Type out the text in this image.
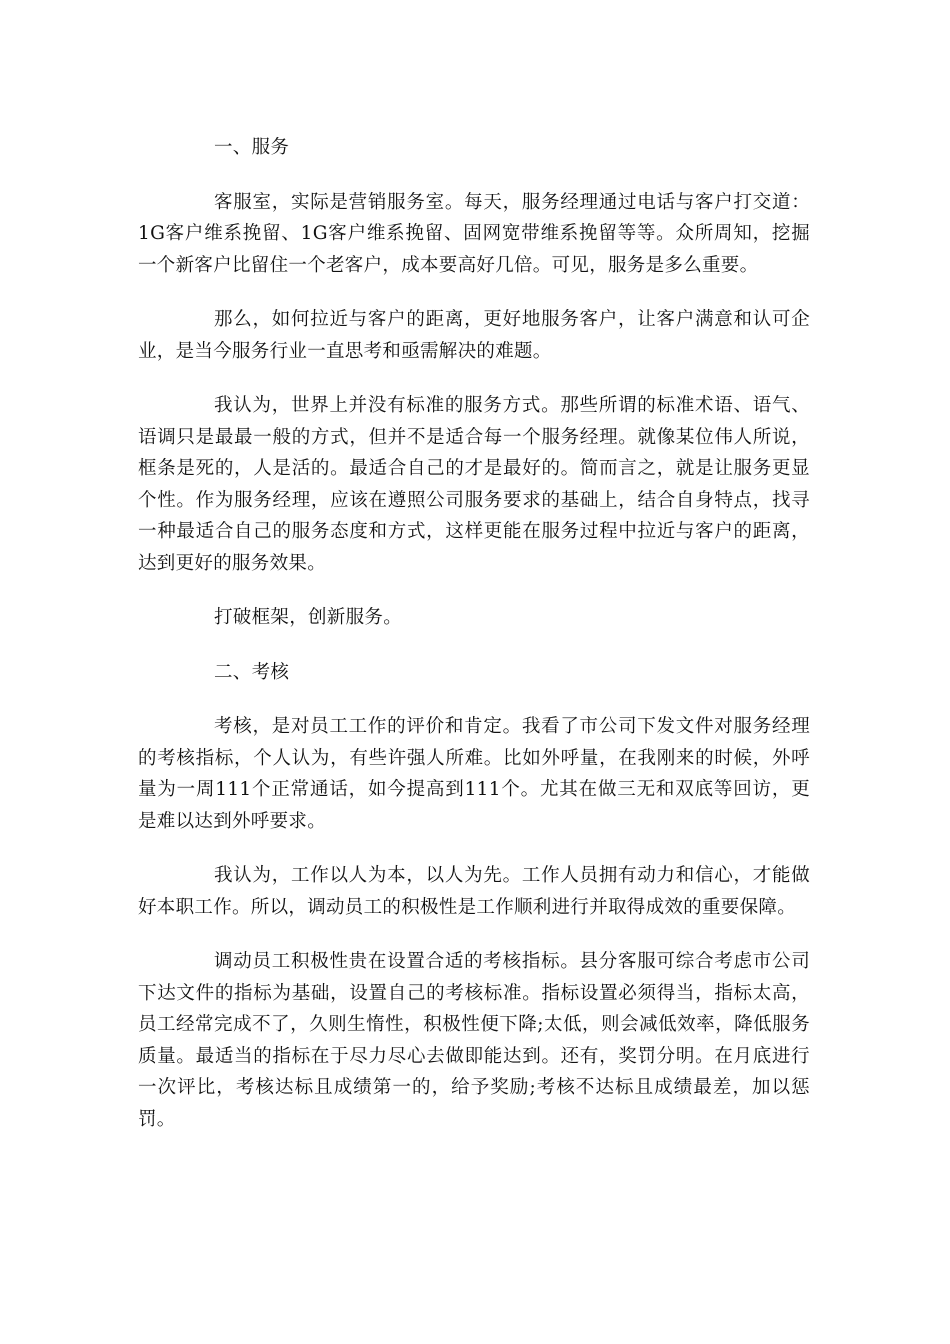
一、服务

客服室，实际是营销服务室。每天，服务经理通过电话与客户打交道：1G客户维系挽留、1G客户维系挽留、固网宽带维系挽留等等。众所周知，挖掘一个新客户比留住一个老客户，成本要高好几倍。可见，服务是多么重要。

那么，如何拉近与客户的距离，更好地服务客户，让客户满意和认可企业，是当今服务行业一直思考和亟需解决的难题。

我认为，世界上并没有标准的服务方式。那些所谓的标准术语、语气、语调只是最最一般的方式，但并不是适合每一个服务经理。就像某位伟人所说，框条是死的，人是活的。最适合自己的才是最好的。简而言之，就是让服务更显个性。作为服务经理，应该在遵照公司服务要求的基础上，结合自身特点，找寻一种最适合自己的服务态度和方式，这样更能在服务过程中拉近与客户的距离，达到更好的服务效果。

打破框架，创新服务。

二、考核

考核，是对员工工作的评价和肯定。我看了市公司下发文件对服务经理的考核指标，个人认为，有些许强人所难。比如外呼量，在我刚来的时候，外呼量为一周111个正常通话，如今提高到111个。尤其在做三无和双底等回访，更是难以达到外呼要求。

我认为，工作以人为本，以人为先。工作人员拥有动力和信心，才能做好本职工作。所以，调动员工的积极性是工作顺利进行并取得成效的重要保障。

调动员工积极性贵在设置合适的考核指标。县分客服可综合考虑市公司下达文件的指标为基础，设置自己的考核标准。指标设置必须得当，指标太高，员工经常完成不了，久则生惰性，积极性便下降;太低，则会减低效率，降低服务质量。最适当的指标在于尽力尽心去做即能达到。还有，奖罚分明。在月底进行一次评比，考核达标且成绩第一的，给予奖励;考核不达标且成绩最差，加以惩罚。
